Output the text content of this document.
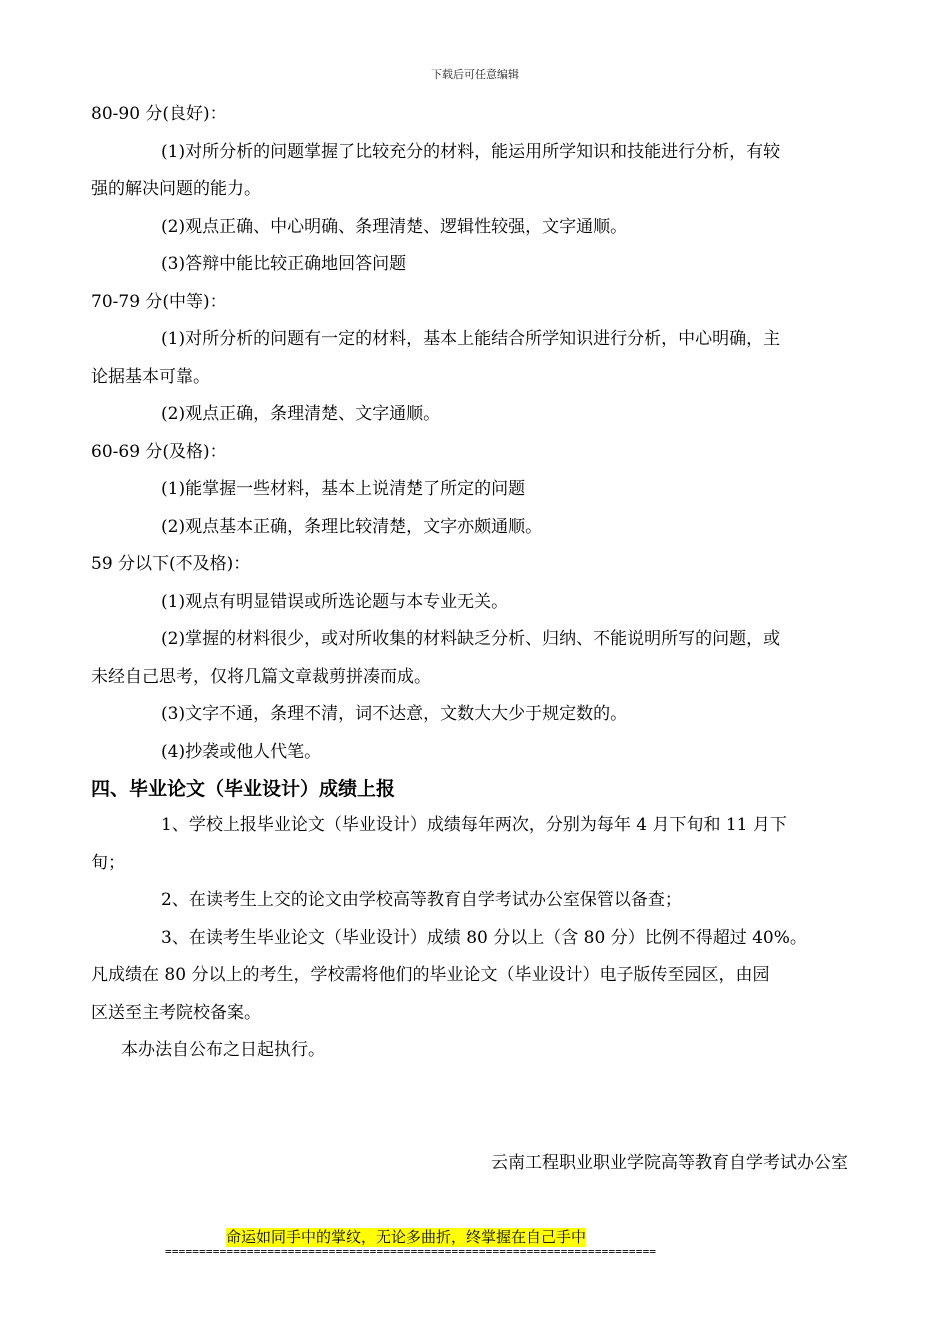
下载后可任意编辑
80-90 分(良好)：
(1)对所分析的问题掌握了比较充分的材料，能运用所学知识和技能进行分析，有较
强的解决问题的能力。
(2)观点正确、中心明确、条理清楚、逻辑性较强，文字通顺。
(3)答辩中能比较正确地回答问题
70-79 分(中等)：
(1)对所分析的问题有一定的材料，基本上能结合所学知识进行分析，中心明确，主
论据基本可靠。
(2)观点正确，条理清楚、文字通顺。
60-69 分(及格)：
(1)能掌握一些材料，基本上说清楚了所定的问题
(2)观点基本正确，条理比较清楚，文字亦颇通顺。
59 分以下(不及格)：
(1)观点有明显错误或所选论题与本专业无关。
(2)掌握的材料很少，或对所收集的材料缺乏分析、归纳、不能说明所写的问题，或
未经自己思考，仅将几篇文章裁剪拼凑而成。
(3)文字不通，条理不清，词不达意，文数大大少于规定数的。
(4)抄袭或他人代笔。
四、毕业论文（毕业设计）成绩上报
1、学校上报毕业论文（毕业设计）成绩每年两次，分别为每年 4 月下旬和 11 月下
旬；
2、在读考生上交的论文由学校高等教育自学考试办公室保管以备查；
3、在读考生毕业论文（毕业设计）成绩 80 分以上（含 80 分）比例不得超过 40%。
凡成绩在 80 分以上的考生，学校需将他们的毕业论文（毕业设计）电子版传至园区，由园
区送至主考院校备案。
本办法自公布之日起执行。
云南工程职业职业学院高等教育自学考试办公室
命运如同手中的掌纹，无论多曲折，终掌握在自己手中
========================================================================
